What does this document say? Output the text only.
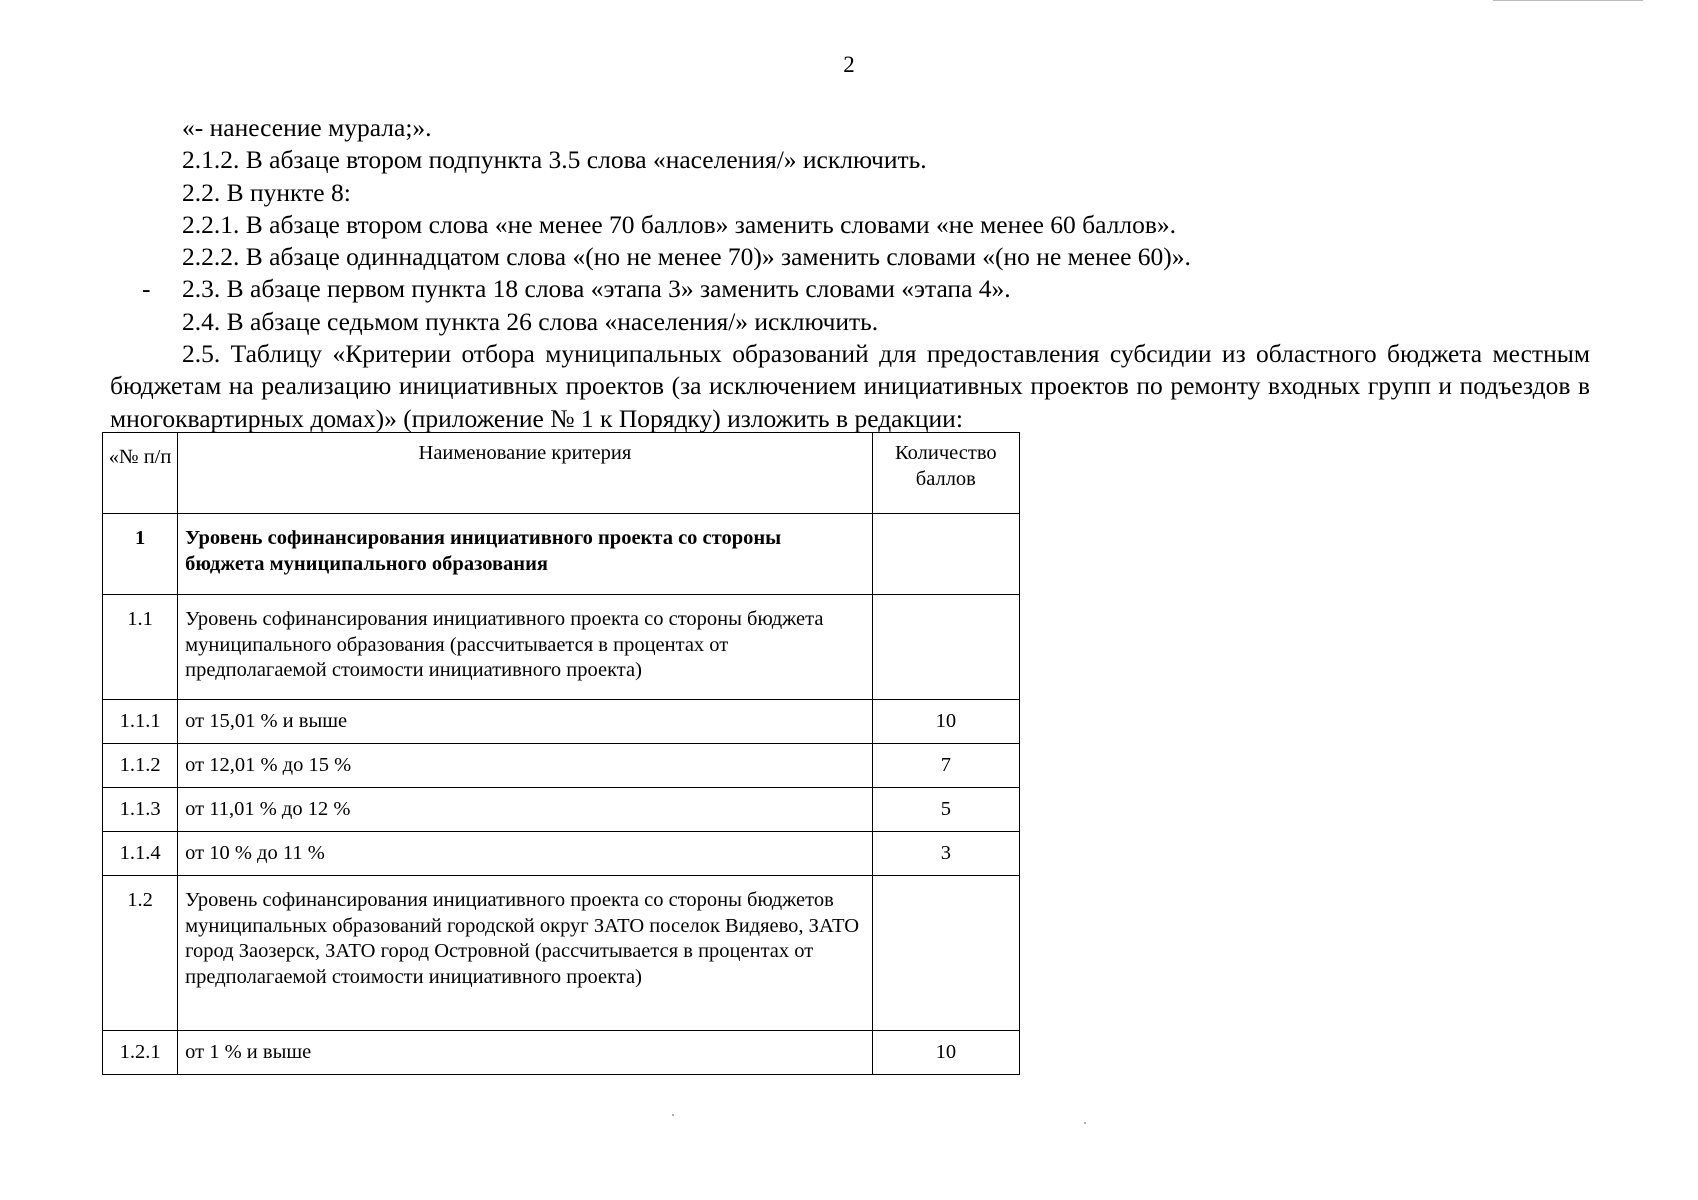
2

«- нанесение мурала;».

2.1.2. В абзаце втором подпункта 3.5 слова «населения/» исключить.

2.2. В пункте 8:

2.2.1. В абзаце втором слова «не менее 70 баллов» заменить словами «не менее 60 баллов».

2.2.2. В абзаце одиннадцатом слова «(но не менее 70)» заменить словами «(но не менее 60)».

- 2.3. В абзаце первом пункта 18 слова «этапа 3» заменить словами «этапа 4».

2.4. В абзаце седьмом пункта 26 слова «населения/» исключить.

2.5. Таблицу «Критерии отбора муниципальных образований для предоставления субсидии из областного бюджета местным бюджетам на реализацию инициативных проектов (за исключением инициативных проектов по ремонту входных групп и подъездов в многоквартирных домах)» (приложение № 1 к Порядку) изложить в редакции:

«№ п/п	Наименование критерия	Количество баллов
1	Уровень софинансирования инициативного проекта со стороны бюджета муниципального образования	
1.1	Уровень софинансирования инициативного проекта со стороны бюджета муниципального образования (рассчитывается в процентах от предполагаемой стоимости инициативного проекта)	
1.1.1	от 15,01 % и выше	10
1.1.2	от 12,01 % до 15 %	7
1.1.3	от 11,01 % до 12 %	5
1.1.4	от 10 % до 11 %	3
1.2	Уровень софинансирования инициативного проекта со стороны бюджетов муниципальных образований городской округ ЗАТО поселок Видяево, ЗАТО город Заозерск, ЗАТО город Островной (рассчитывается в процентах от предполагаемой стоимости инициативного проекта)	
1.2.1	от 1 % и выше	10
